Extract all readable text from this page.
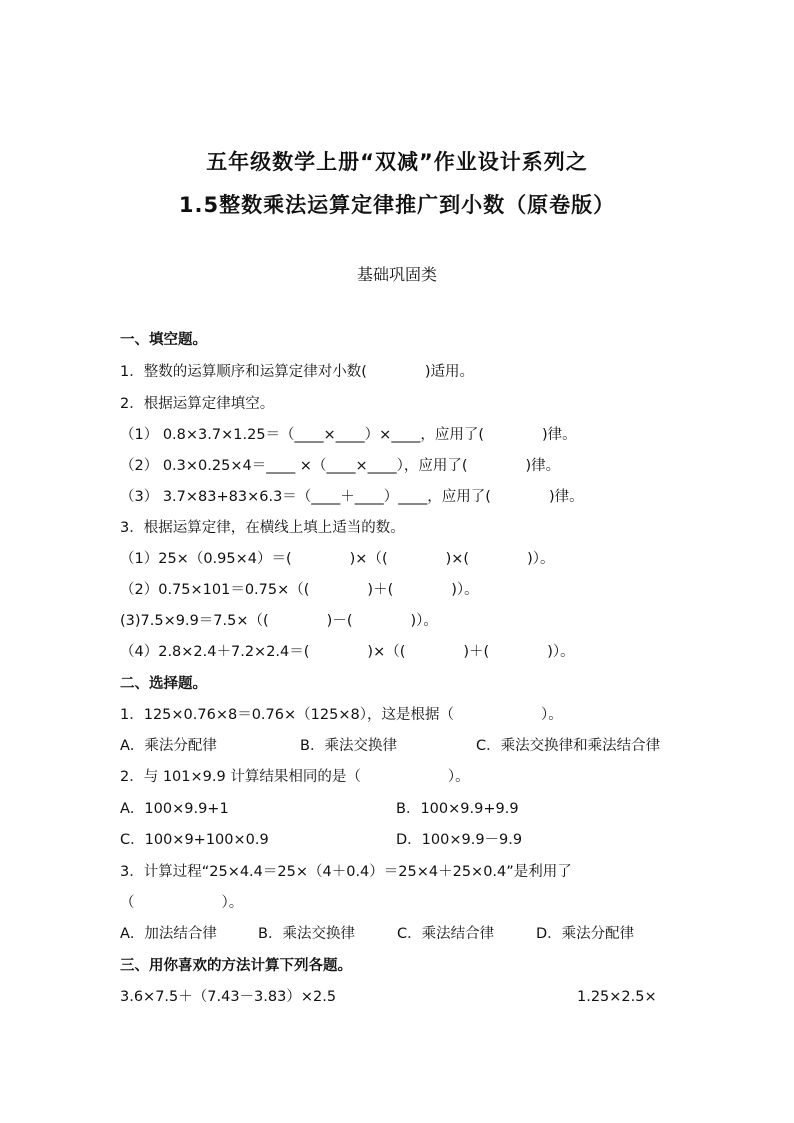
五年级数学上册“双减”作业设计系列之
1.5整数乘法运算定律推广到小数（原卷版）
基础巩固类
一、填空题。
1．整数的运算顺序和运算定律对小数(　　　　)适用。
2．根据运算定律填空。
（1） 0.8×3.7×1.25＝（____×____）×____，应用了(　　　　)律。
（2） 0.3×0.25×4＝____ ×（____×____），应用了(　　　　)律。
（3） 3.7×83+83×6.3＝（____＋____）____，应用了(　　　　)律。
3．根据运算定律，在横线上填上适当的数。
（1）25×（0.95×4）＝(　　　　)×（(　　　　)×(　　　　)）。
（2）0.75×101＝0.75×（(　　　　)＋(　　　　)）。
(3)7.5×9.9＝7.5×（(　　　　)－(　　　　)）。
（4）2.8×2.4＋7.2×2.4＝(　　　　)×（(　　　　)＋(　　　　)）。
二、选择题。
1．125×0.76×8＝0.76×（125×8），这是根据（　　　　　　）。
A．乘法分配律	B．乘法交换律	C．乘法交换律和乘法结合律
2．与 101×9.9 计算结果相同的是（　　　　　　）。
A．100×9.9+1	B．100×9.9+9.9
C．100×9+100×0.9	D．100×9.9－9.9
3．计算过程“25×4.4＝25×（4＋0.4）＝25×4＋25×0.4”是利用了
（　　　　　　）。
A．加法结合律	B．乘法交换律	C．乘法结合律	D．乘法分配律
三、用你喜欢的方法计算下列各题。
3.6×7.5＋（7.43－3.83）×2.5	1.25×2.5×
